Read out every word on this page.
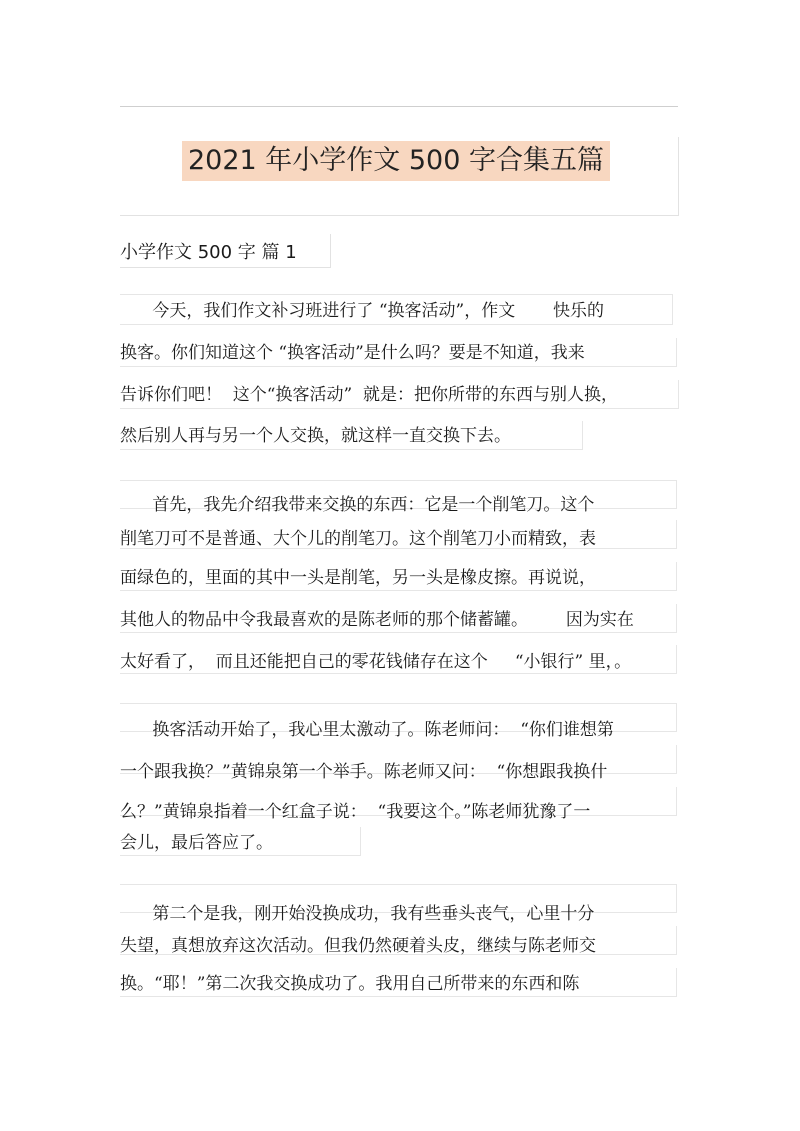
2021 年小学作文 500 字合集五篇
小学作文 500 字 篇 1
今天，我们作文补习班进行了 “换客活动”，作文       快乐的
换客。你们知道这个 “换客活动”是什么吗？要是不知道，我来
告诉你们吧！  这个“换客活动”  就是：把你所带的东西与别人换，
然后别人再与另一个人交换，就这样一直交换下去。
首先，我先介绍我带来交换的东西：它是一个削笔刀。这个
削笔刀可不是普通、大个儿的削笔刀。这个削笔刀小而精致，表
面绿色的，里面的其中一头是削笔，另一头是橡皮擦。再说说，
其他人的物品中令我最喜欢的是陈老师的那个储蓄罐。       因为实在
太好看了，  而且还能把自己的零花钱储存在这个     “小银行” 里，。
换客活动开始了，我心里太激动了。陈老师问：  “你们谁想第
一个跟我换？”黄锦泉第一个举手。陈老师又问：  “你想跟我换什
么？”黄锦泉指着一个红盒子说：  “我要这个。”陈老师犹豫了一
会儿，最后答应了。
第二个是我，刚开始没换成功，我有些垂头丧气，心里十分
失望，真想放弃这次活动。但我仍然硬着头皮，继续与陈老师交
换。“耶！”第二次我交换成功了。我用自己所带来的东西和陈
